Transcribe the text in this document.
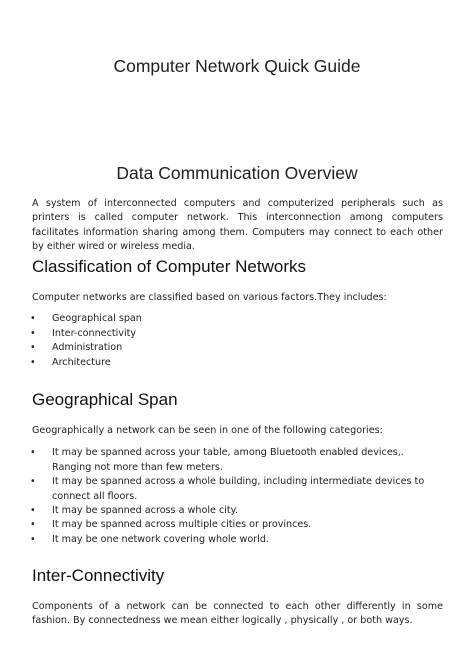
Computer Network Quick Guide
Data Communication Overview

A system of interconnected computers and computerized peripherals such as printers is called computer network. This interconnection among computers facilitates information sharing among them. Computers may connect to each other by either wired or wireless media.

Classification of Computer Networks

Computer networks are classified based on various factors.They includes:

• Geographical span
• Inter-connectivity
• Administration
• Architecture
Geographical Span

Geographically a network can be seen in one of the following categories:

• It may be spanned across your table, among Bluetooth enabled devices,. Ranging not more than few meters.
• It may be spanned across a whole building, including intermediate devices to connect all floors.
• It may be spanned across a whole city.
• It may be spanned across multiple cities or provinces.
• It may be one network covering whole world.
Inter-Connectivity

Components of a network can be connected to each other differently in some fashion. By connectedness we mean either logically , physically , or both ways.
